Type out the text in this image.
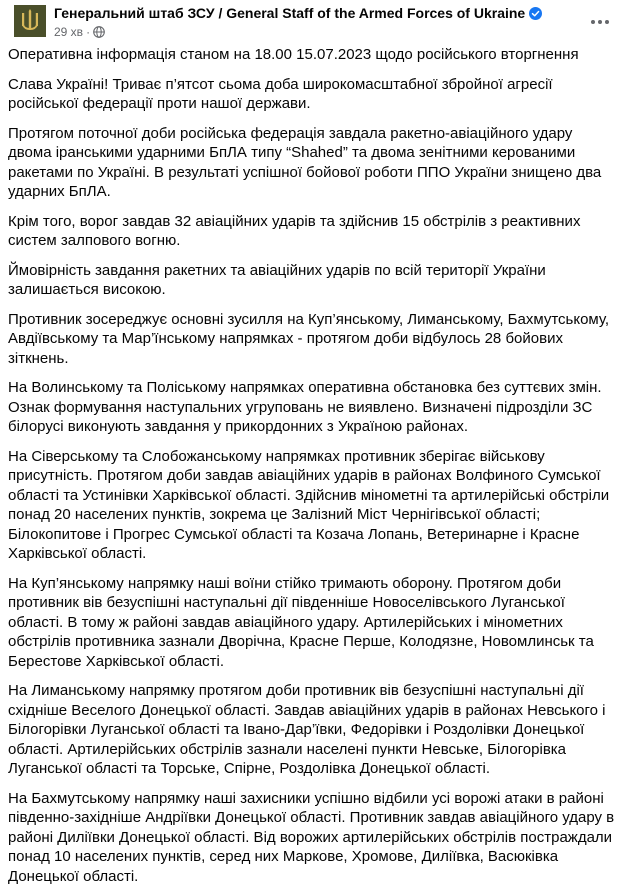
Генеральний штаб ЗСУ / General Staff of the Armed Forces of Ukraine
29 хв ·

Оперативна інформація станом на 18.00 15.07.2023 щодо російського вторгнення

Слава Україні! Триває п’ятсот сьома доба широкомасштабної збройної агресії російської федерації проти нашої держави.

Протягом поточної доби російська федерація завдала ракетно-авіаційного удару двома іранськими ударними БпЛА типу “Shahed” та двома зенітними керованими ракетами по Україні. В результаті успішної бойової роботи ППО України знищено два ударних БпЛА.

Крім того, ворог завдав 32 авіаційних ударів та здійснив 15 обстрілів з реактивних систем залпового вогню.

Ймовірність завдання ракетних та авіаційних ударів по всій території України залишається високою.

Противник зосереджує основні зусилля на Куп’янському, Лиманському, Бахмутському, Авдіївському та Мар’їнському напрямках - протягом доби відбулось 28 бойових зіткнень.

На Волинському та Поліському напрямках оперативна обстановка без суттєвих змін. Ознак формування наступальних угруповань не виявлено. Визначені підрозділи ЗС білорусі виконують завдання у прикордонних з Україною районах.

На Сіверському та Слобожанському напрямках противник зберігає військову присутність. Протягом доби завдав авіаційних ударів в районах Волфиного Сумської області та Устинівки Харківської області. Здійснив мінометні та артилерійські обстріли понад 20 населених пунктів, зокрема це Залізний Міст Чернігівської області; Білокопитове і Прогрес Сумської області та Козача Лопань, Ветеринарне і Красне Харківської області.

На Куп’янському напрямку наші воїни стійко тримають оборону. Протягом доби противник вів безуспішні наступальні дії південніше Новоселівського Луганської області. В тому ж районі завдав авіаційного удару. Артилерійських і мінометних обстрілів противника зазнали Дворічна, Красне Перше, Колодязне, Новомлинськ та Берестове Харківської області.

На Лиманському напрямку протягом доби противник вів безуспішні наступальні дії східніше Веселого Донецької області. Завдав авіаційних ударів в районах Невського і Білогорівки Луганської області та Івано-Дар’ївки, Федорівки і Роздолівки Донецької області. Артилерійських обстрілів зазнали населені пункти Невське, Білогорівка Луганської області та Торське, Спірне, Роздолівка Донецької області.

На Бахмутському напрямку наші захисники успішно відбили усі ворожі атаки в районі південно-західніше Андріївки Донецької області. Противник завдав авіаційного удару в районі Диліївки Донецької області. Від ворожих артилерійських обстрілів постраждали понад 10 населених пунктів, серед них Маркове, Хромове, Диліївка, Васюківка Донецької області.
